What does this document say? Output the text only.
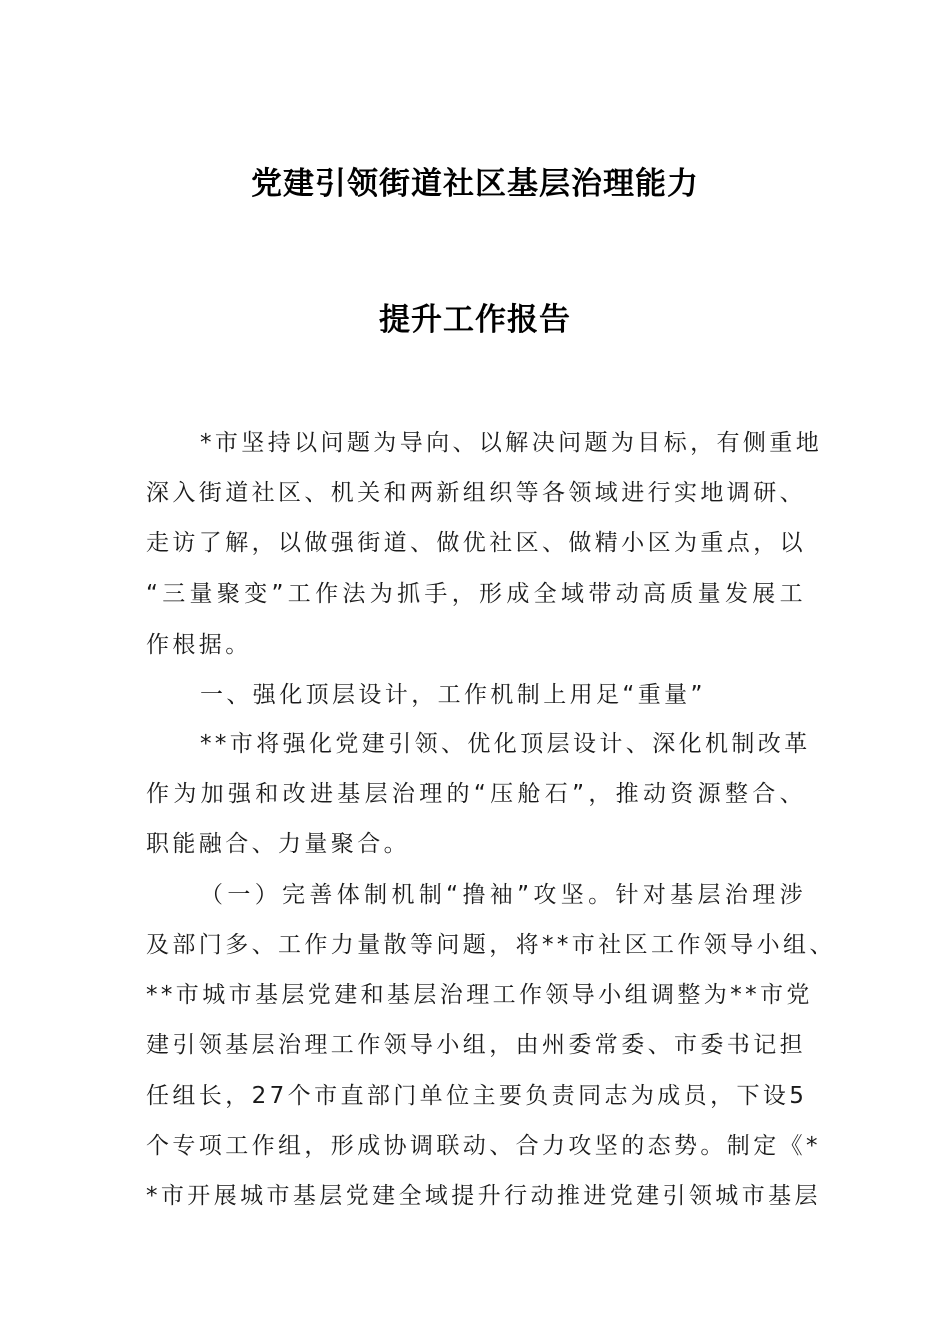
党建引领街道社区基层治理能力
提升工作报告
*市坚持以问题为导向、以解决问题为目标，有侧重地
深入街道社区、机关和两新组织等各领域进行实地调研、
走访了解，以做强街道、做优社区、做精小区为重点，以
“三量聚变”工作法为抓手，形成全域带动高质量发展工
作根据。
一、强化顶层设计，工作机制上用足“重量”
**市将强化党建引领、优化顶层设计、深化机制改革
作为加强和改进基层治理的“压舱石”，推动资源整合、
职能融合、力量聚合。
（一）完善体制机制“撸袖”攻坚。针对基层治理涉
及部门多、工作力量散等问题，将**市社区工作领导小组、
**市城市基层党建和基层治理工作领导小组调整为**市党
建引领基层治理工作领导小组，由州委常委、市委书记担
任组长，27个市直部门单位主要负责同志为成员，下设5
个专项工作组，形成协调联动、合力攻坚的态势。制定《*
*市开展城市基层党建全域提升行动推进党建引领城市基层
